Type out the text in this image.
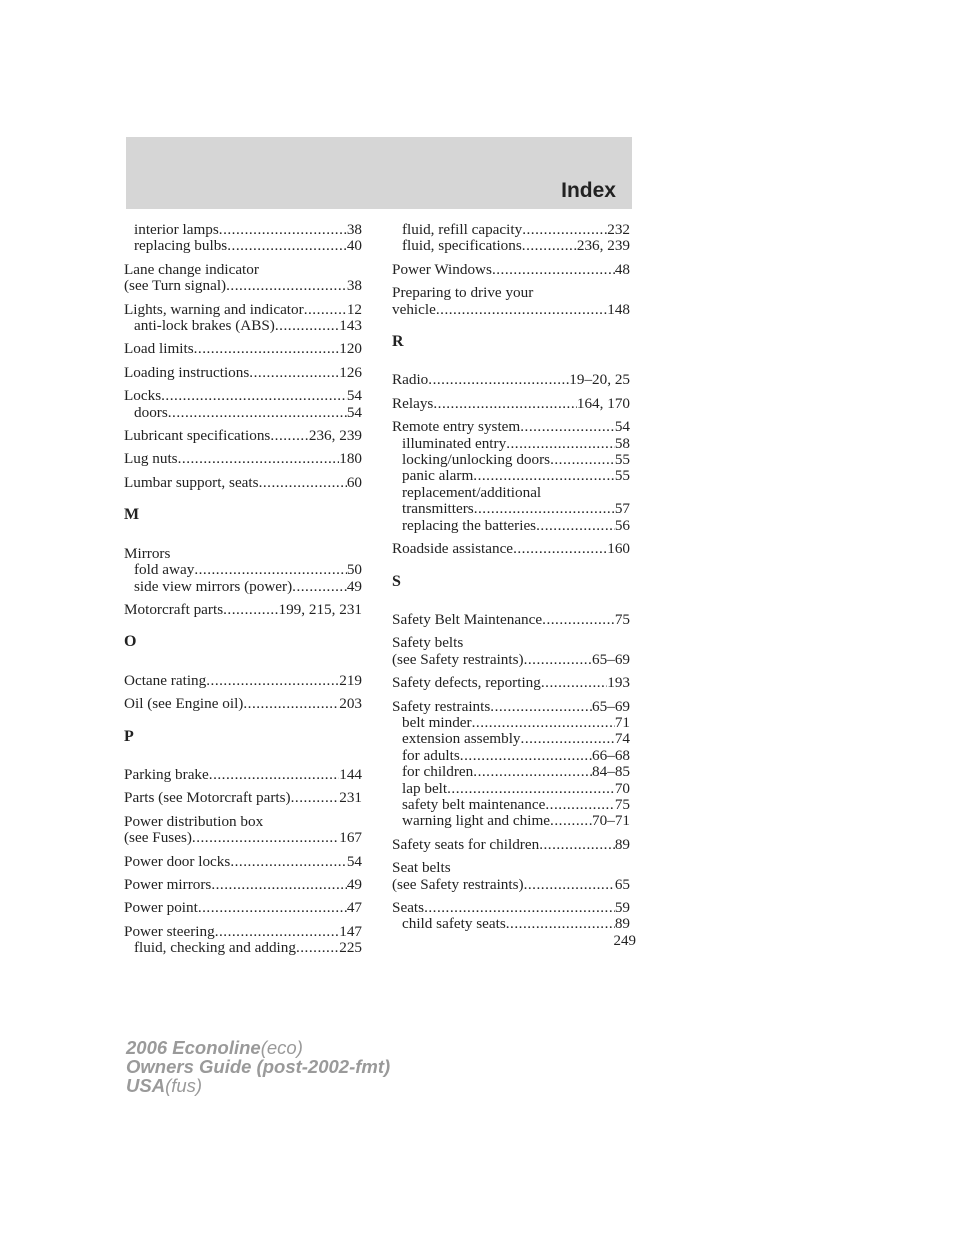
Index
interior lamps .....	38
replacing bulbs .....	40
Lane change indicator
(see Turn signal) .....	38
Lights, warning and indicator .....	12
anti-lock brakes (ABS) .....	143
Load limits .....	120
Loading instructions .....	126
Locks .....	54
doors .....	54
Lubricant specifications .....	236, 239
Lug nuts .....	180
Lumbar support, seats .....	60
M
Mirrors
fold away .....	50
side view mirrors (power) .....	49
Motorcraft parts .....	199, 215, 231
O
Octane rating .....	219
Oil (see Engine oil) .....	203
P
Parking brake .....	144
Parts (see Motorcraft parts) .....	231
Power distribution box
(see Fuses) .....	167
Power door locks .....	54
Power mirrors .....	49
Power point .....	47
Power steering .....	147
fluid, checking and adding .....	225
fluid, refill capacity .....	232
fluid, specifications .....	236, 239
Power Windows .....	48
Preparing to drive your
vehicle .....	148
R
Radio .....	19–20, 25
Relays .....	164, 170
Remote entry system .....	54
illuminated entry .....	58
locking/unlocking doors .....	55
panic alarm .....	55
replacement/additional
transmitters .....	57
replacing the batteries .....	56
Roadside assistance .....	160
S
Safety Belt Maintenance .....	75
Safety belts
(see Safety restraints) .....	65–69
Safety defects, reporting .....	193
Safety restraints .....	65–69
belt minder .....	71
extension assembly .....	74
for adults .....	66–68
for children .....	84–85
lap belt .....	70
safety belt maintenance .....	75
warning light and chime .....	70–71
Safety seats for children .....	89
Seat belts
(see Safety restraints) .....	65
Seats .....	59
child safety seats .....	89
249
2006 Econoline(eco)
Owners Guide (post-2002-fmt)
USA(fus)
